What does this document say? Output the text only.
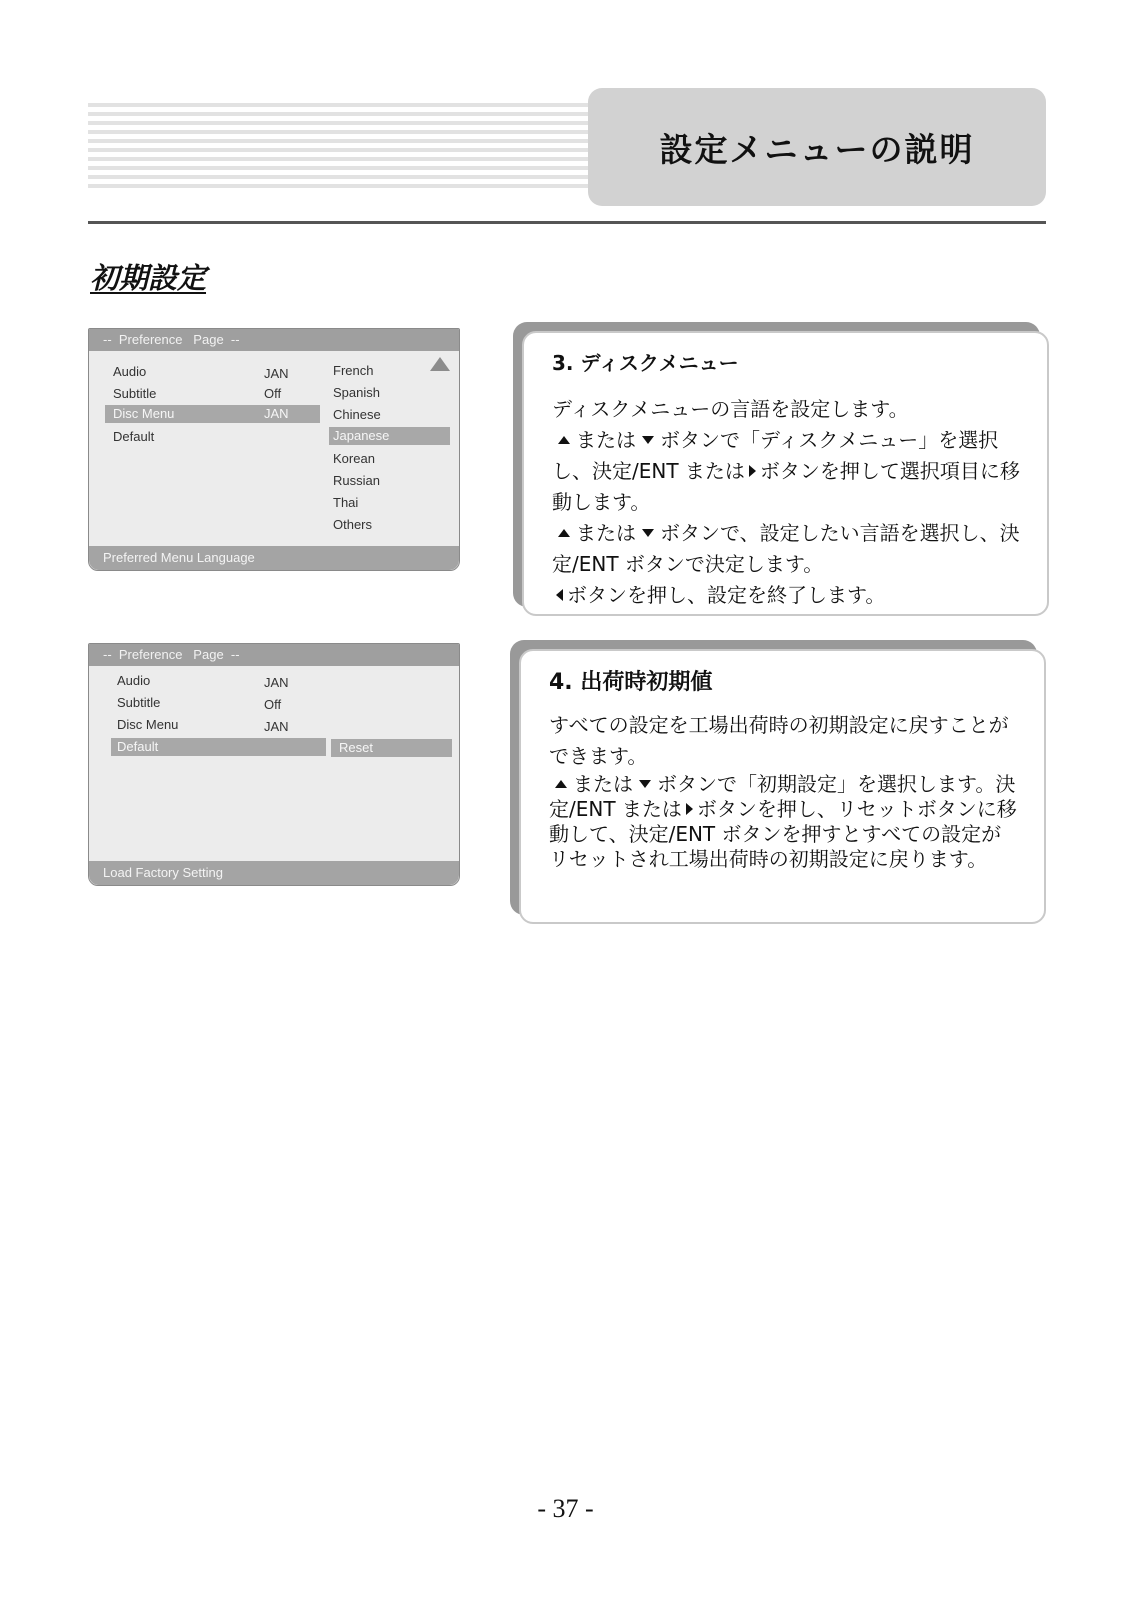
設定メニューの説明
初期設定
--  Preference   Page  --
Audio	JAN
Subtitle	Off
Disc Menu	JAN
Default
French
Spanish
Chinese
Japanese
Korean
Russian
Thai
Others
Preferred Menu Language
--  Preference   Page  --
Audio	JAN
Subtitle	Off
Disc Menu	JAN
Default	Reset
Load Factory Setting
3. ディスクメニュー

ディスクメニューの言語を設定します。

または ボタンで「ディスクメニュー」を選択し、決定/ENT または ボタンを押して選択項目に移動します。

または ボタンで、設定したい言語を選択し、決定/ENT ボタンで決定します。

ボタンを押し、設定を終了します。

4. 出荷時初期値

すべての設定を工場出荷時の初期設定に戻すことができます。

または ボタンで「初期設定」を選択します。決定/ENT または ボタンを押し、リセットボタンに移動して、決定/ENT ボタンを押すとすべての設定がリセットされ工場出荷時の初期設定に戻ります。

- 37 -
